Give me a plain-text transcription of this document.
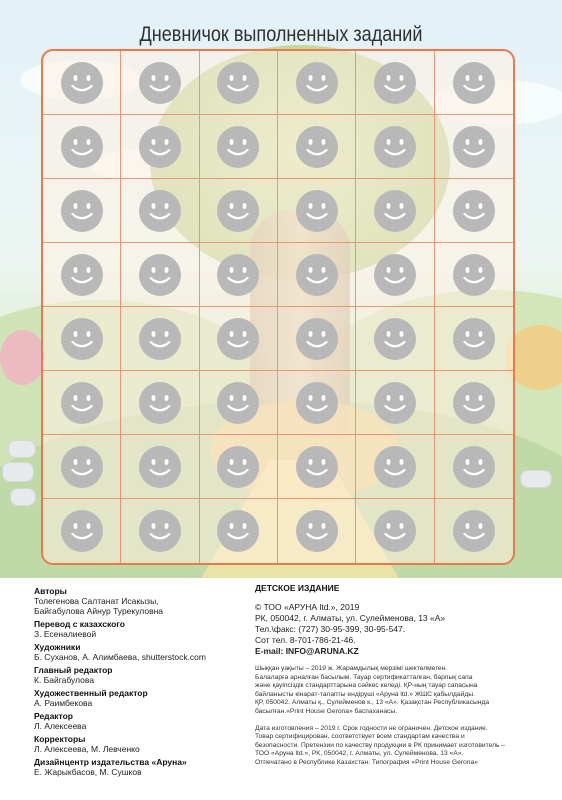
Дневничок выполненных заданий
Авторы
Толегенова Салтанат Исакызы,
Байгабулова Айнур Турекуловна
Перевод с казахского
З. Есеналиевой
Художники
Б. Суханов, А. Алимбаева, shutterstock.com
Главный редактор
К. Байгабулова
Художественный редактор
А. Раимбекова
Редактор
Л. Алексеева
Корректоры
Л. Алексеева, М. Левченко
Дизайнцентр издательства «Аруна»
Е. Жарыкбасов, М. Сушков
ДЕТСКОЕ ИЗДАНИЕ
© ТОО «АРУНА ltd.», 2019
РК, 050042, г. Алматы, ул. Сулейменова, 13 «А»
Тел.\факс: (727) 30-95-399, 30-95-547.
Сот тел. 8-701-786-21-46.
E-mail: INFO@ARUNA.KZ
Шыққан уақыты – 2019 ж. Жарамдылық мерзімі шектелмеген.
Балаларға арналған басылым. Тауар сертификатталған, барлық сапа
және қауіпсіздік стандарттарына сәйкес келеді. ҚР-ның тауар сапасына
байланысты кінарат-талапты ендіруші «Аруна ltd.» ЖШС қабылдайды.
ҚР, 050042. Алматы қ., Сулейменов к., 13 «А». Қазақстан Республикасында
басылған.«Print House Gerona» баспаханасы.
Дата изготовления – 2019 г. Срок годности не ограничен. Детское издание.
Товар сертифицирован, соответствует всем стандартам качества и
безопасности. Претензии по качеству продукции в РК принимает изготовитель –
ТОО «Аруна ltd.», РК, 050042, г. Алматы, ул. Сулейменова, 13 «А».
Отпечатано в Республике Казахстан. Типография «Print House Gerona»
